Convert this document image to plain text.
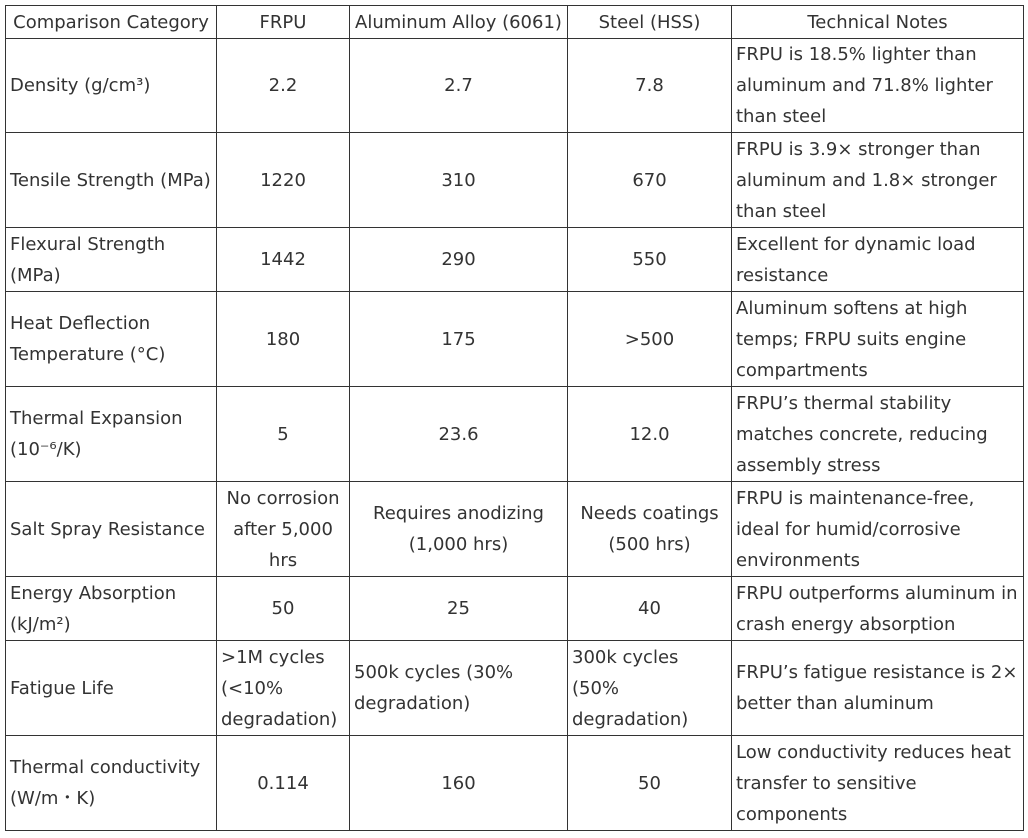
Comparison Category	FRPU	Aluminum Alloy (6061)	Steel (HSS)	Technical Notes
Density (g/cm³)	2.2	2.7	7.8	FRPU is 18.5% lighter than aluminum and 71.8% lighter than steel
Tensile Strength (MPa)	1220	310	670	FRPU is 3.9× stronger than aluminum and 1.8× stronger than steel
Flexural Strength (MPa)	1442	290	550	Excellent for dynamic load resistance
Heat Deflection Temperature (°C)	180	175	>500	Aluminum softens at high temps; FRPU suits engine compartments
Thermal Expansion (10⁻⁶/K)	5	23.6	12.0	FRPU’s thermal stability matches concrete, reducing assembly stress
Salt Spray Resistance	No corrosion after 5,000 hrs	Requires anodizing (1,000 hrs)	Needs coatings (500 hrs)	FRPU is maintenance-free, ideal for humid/corrosive environments
Energy Absorption (kJ/m²)	50	25	40	FRPU outperforms aluminum in crash energy absorption
Fatigue Life	>1M cycles (<10% degradation)	500k cycles (30% degradation)	300k cycles (50% degradation)	FRPU’s fatigue resistance is 2× better than aluminum
Thermal conductivity (W/m・K)	0.114	160	50	Low conductivity reduces heat transfer to sensitive components
